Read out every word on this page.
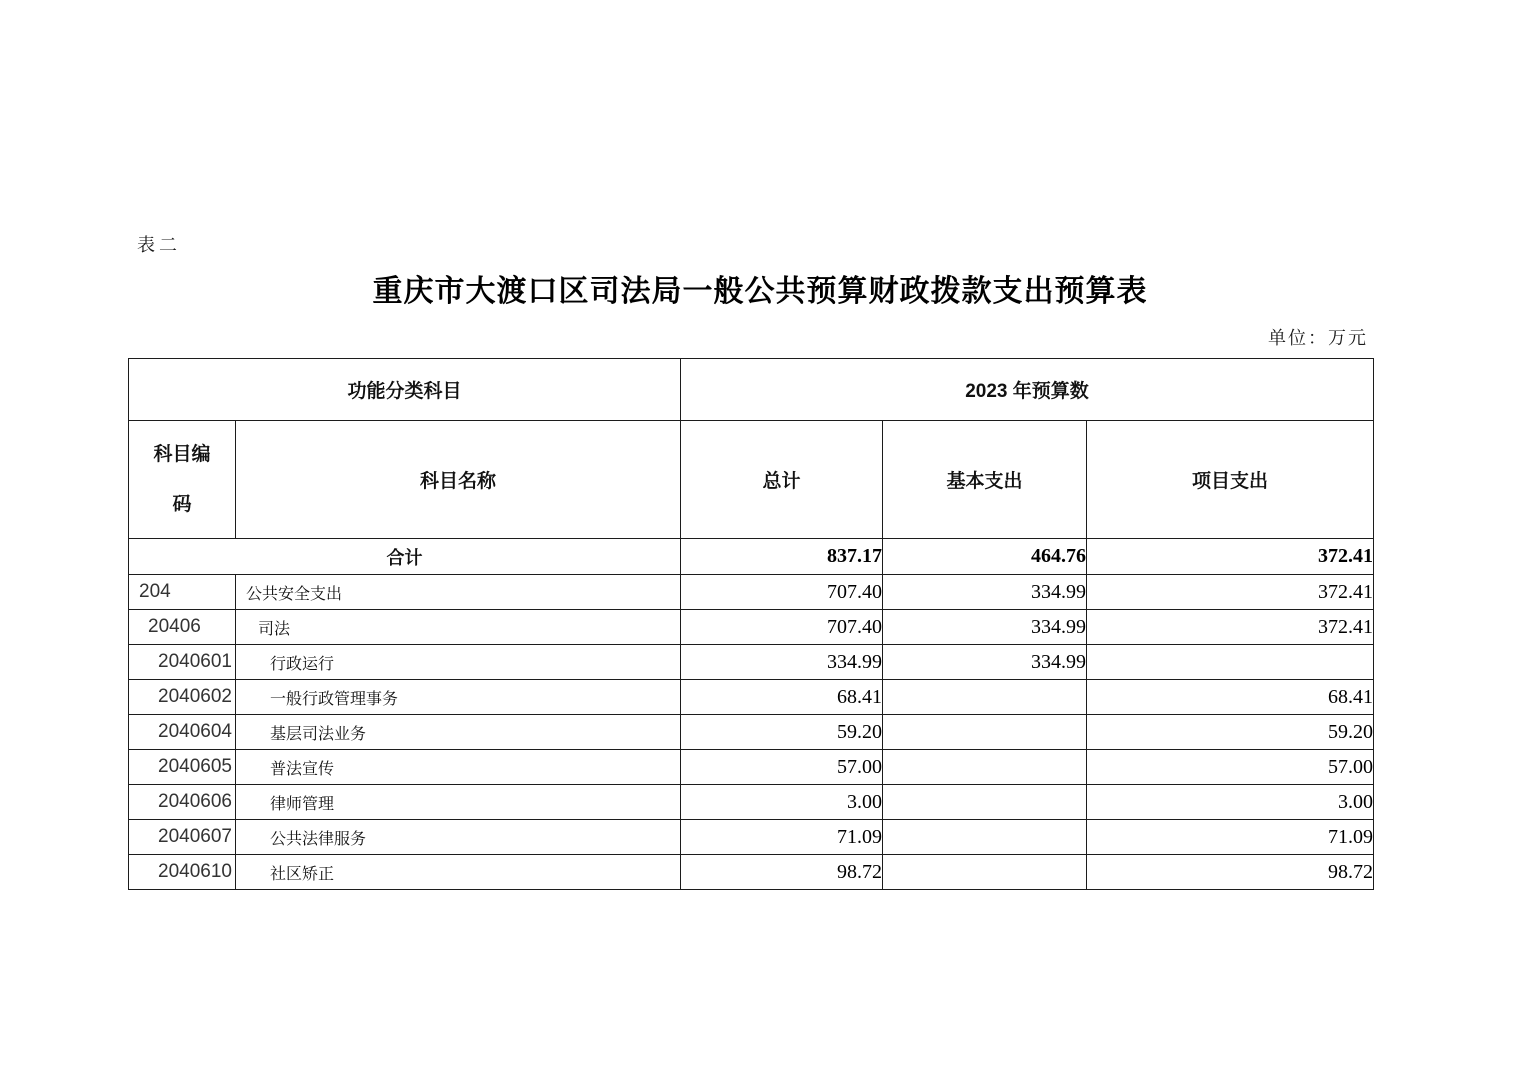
表二
重庆市大渡口区司法局一般公共预算财政拨款支出预算表
单位：万元
功能分类科目		2023 年预算数		
科目编码	科目名称	总计	基本支出	项目支出
合计		837.17	464.76	372.41
204	公共安全支出	707.40	334.99	372.41
20406	司法	707.40	334.99	372.41
2040601	行政运行	334.99	334.99	
2040602	一般行政管理事务	68.41		68.41
2040604	基层司法业务	59.20		59.20
2040605	普法宣传	57.00		57.00
2040606	律师管理	3.00		3.00
2040607	公共法律服务	71.09		71.09
2040610	社区矫正	98.72		98.72
